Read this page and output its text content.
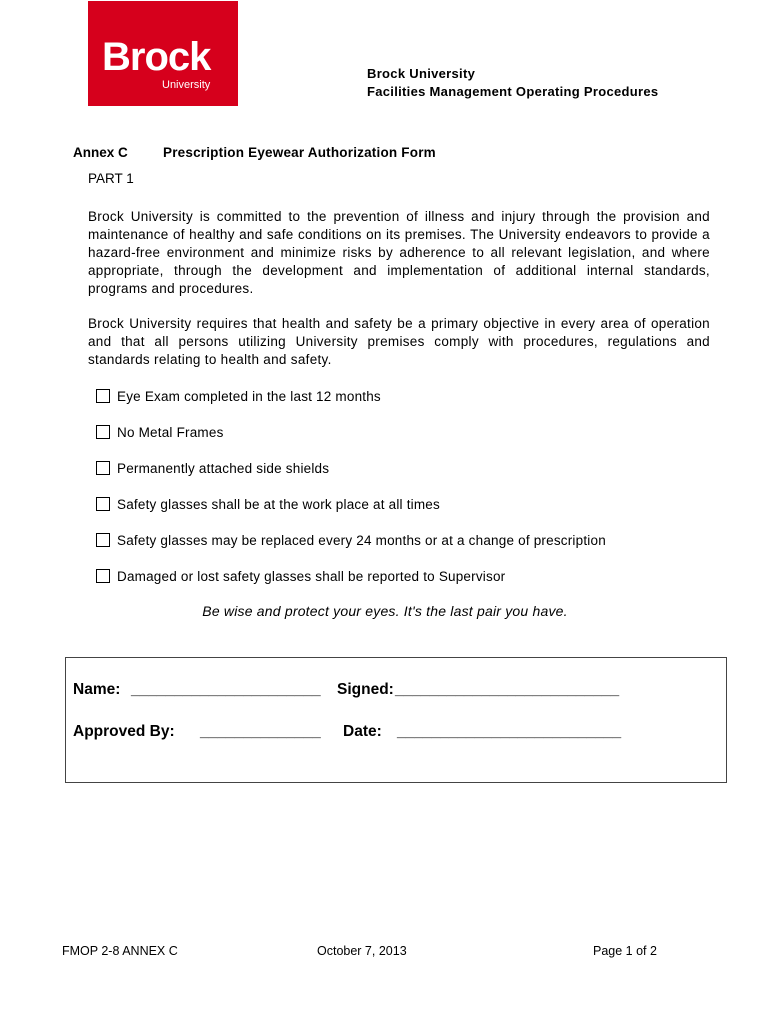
Brock
University
Brock University
Facilities Management Operating Procedures
Annex C	Prescription Eyewear Authorization Form
PART 1

Brock University is committed to the prevention of illness and injury through the provision and maintenance of healthy and safe conditions on its premises. The University endeavors to provide a hazard-free environment and minimize risks by adherence to all relevant legislation, and where appropriate, through the development and implementation of additional internal standards, programs and procedures.

Brock University requires that health and safety be a primary objective in every area of operation and that all persons utilizing University premises comply with procedures, regulations and standards relating to health and safety.

Eye Exam completed in the last 12 months
No Metal Frames
Permanently attached side shields
Safety glasses shall be at the work place at all times
Safety glasses may be replaced every 24 months or at a change of prescription
Damaged or lost safety glasses shall be reported to Supervisor
Be wise and protect your eyes. It's the last pair you have.
Name: ______________________ Signed: __________________________
Approved By: ______________ Date: __________________________
FMOP 2-8 ANNEX C	October 7, 2013	Page 1 of 2
